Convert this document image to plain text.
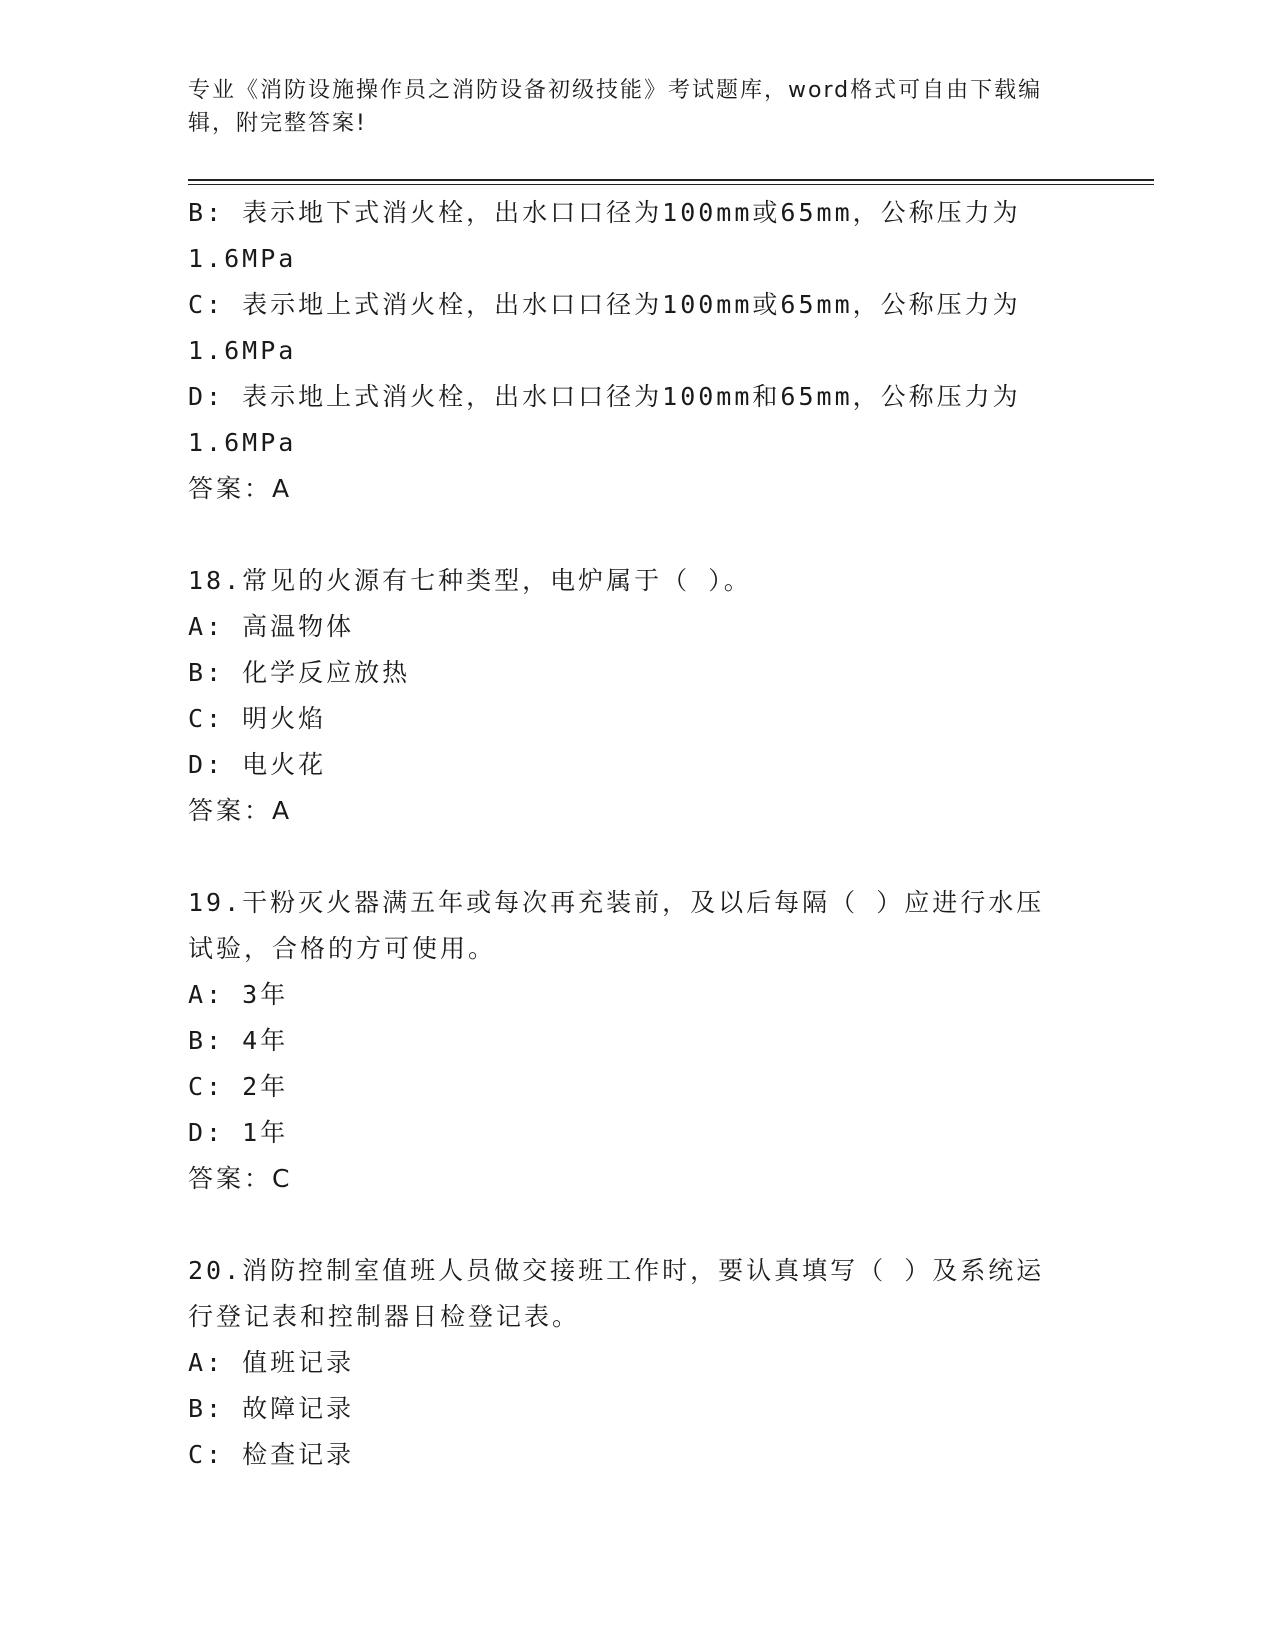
专业《消防设施操作员之消防设备初级技能》考试题库，word格式可自由下载编
辑，附完整答案!
B: 表示地下式消火栓，出水口口径为100mm或65mm，公称压力为
1.6MPa
C: 表示地上式消火栓，出水口口径为100mm或65mm，公称压力为
1.6MPa
D: 表示地上式消火栓，出水口口径为100mm和65mm，公称压力为
1.6MPa
答案：A
18.常见的火源有七种类型，电炉属于（ ）。
A: 高温物体
B: 化学反应放热
C: 明火焰
D: 电火花
答案：A
19.干粉灭火器满五年或每次再充装前，及以后每隔（ ）应进行水压
试验，合格的方可使用。
A: 3年
B: 4年
C: 2年
D: 1年
答案：C
20.消防控制室值班人员做交接班工作时，要认真填写（ ）及系统运
行登记表和控制器日检登记表。
A: 值班记录
B: 故障记录
C: 检查记录
